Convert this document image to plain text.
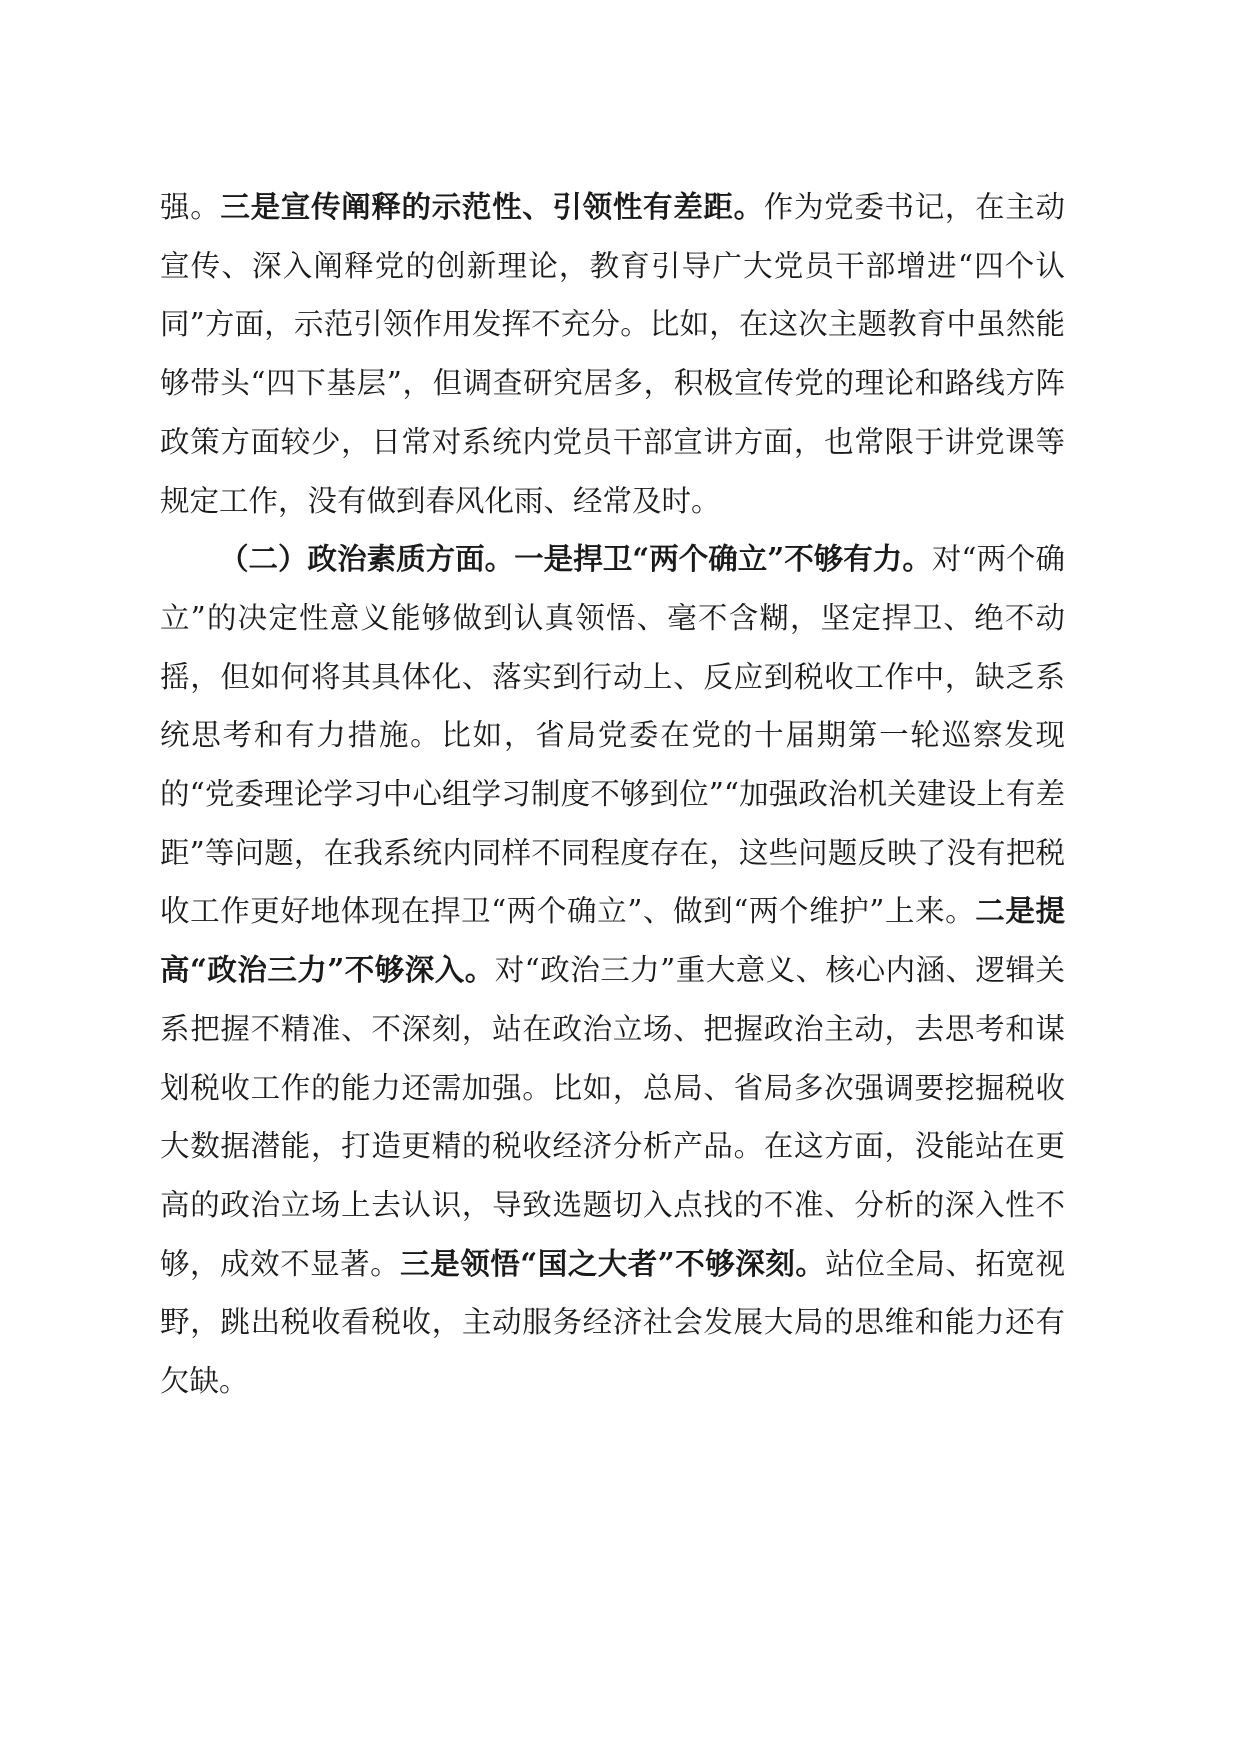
强。三是宣传阐释的示范性、引领性有差距。作为党委书记，在主动宣传、深入阐释党的创新理论，教育引导广大党员干部增进“四个认同”方面，示范引领作用发挥不充分。比如，在这次主题教育中虽然能够带头“四下基层”，但调查研究居多，积极宣传党的理论和路线方阵政策方面较少，日常对系统内党员干部宣讲方面，也常限于讲党课等规定工作，没有做到春风化雨、经常及时。

（二）政治素质方面。一是捍卫“两个确立”不够有力。对“两个确立”的决定性意义能够做到认真领悟、毫不含糊，坚定捍卫、绝不动摇，但如何将其具体化、落实到行动上、反应到税收工作中，缺乏系统思考和有力措施。比如，省局党委在党的十届期第一轮巡察发现的“党委理论学习中心组学习制度不够到位”“加强政治机关建设上有差距”等问题，在我系统内同样不同程度存在，这些问题反映了没有把税收工作更好地体现在捍卫“两个确立”、做到“两个维护”上来。二是提高“政治三力”不够深入。对“政治三力”重大意义、核心内涵、逻辑关系把握不精准、不深刻，站在政治立场、把握政治主动，去思考和谋划税收工作的能力还需加强。比如，总局、省局多次强调要挖掘税收大数据潜能，打造更精的税收经济分析产品。在这方面，没能站在更高的政治立场上去认识，导致选题切入点找的不准、分析的深入性不够，成效不显著。三是领悟“国之大者”不够深刻。站位全局、拓宽视野，跳出税收看税收，主动服务经济社会发展大局的思维和能力还有欠缺。
